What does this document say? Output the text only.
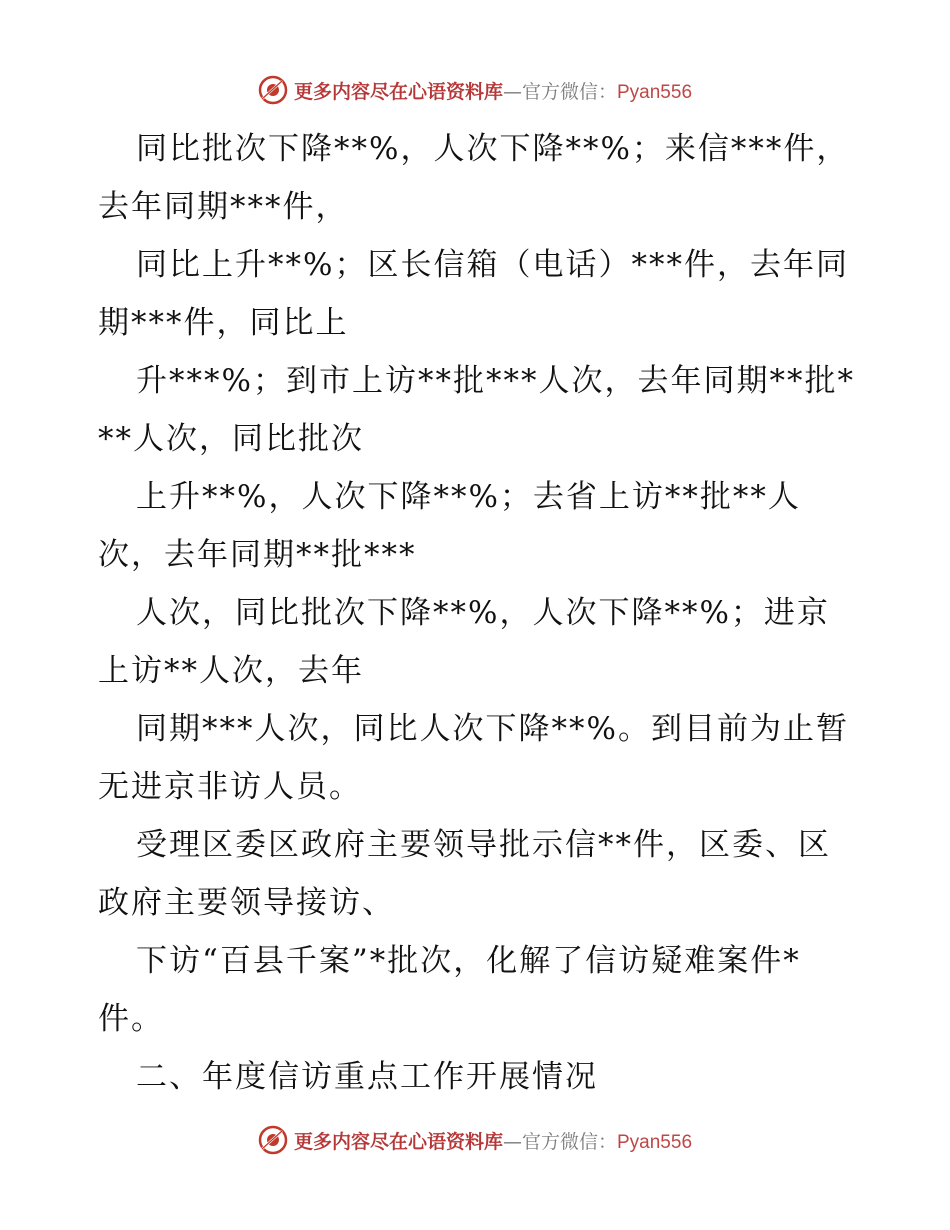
更多内容尽在心语资料库—官方微信：Pyan556

同比批次下降**%，人次下降**%；来信***件，去年同期***件，

同比上升**%；区长信箱（电话）***件，去年同期***件，同比上

升***%；到市上访**批***人次，去年同期**批***人次，同比批次

上升**%，人次下降**%；去省上访**批**人次，去年同期**批***

人次，同比批次下降**%，人次下降**%；进京上访**人次，去年

同期***人次，同比人次下降**%。到目前为止暂无进京非访人员。

受理区委区政府主要领导批示信**件，区委、区政府主要领导接访、

下访“百县千案”*批次，化解了信访疑难案件*件。

二、年度信访重点工作开展情况

更多内容尽在心语资料库—官方微信：Pyan556
